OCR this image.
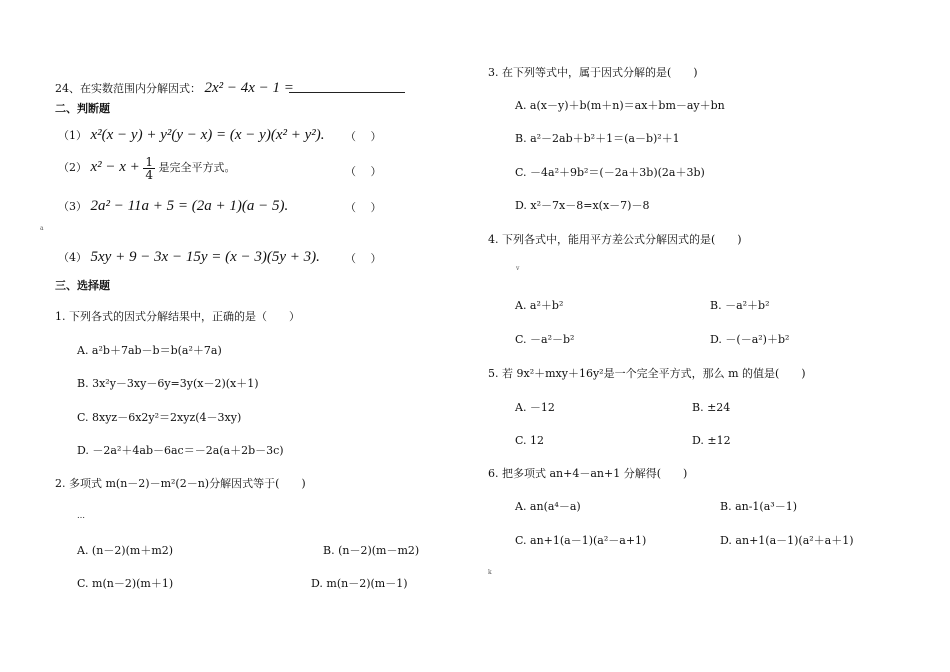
24、在实数范围内分解因式： 2x² − 4x − 1 =
二、判断题
（1） x²(x − y) + y²(y − x) = (x − y)(x² + y²). （　 ）
（2） $x^2 - x + \frac{1}{4}$ 是完全平方式。	（　 ）
（3） 2a² − 11a + 5 = (2a + 1)(a − 5).	（　 ）
a
（4） 5xy + 9 − 3x − 15y = (x − 3)(5y + 3). （　 ）
三、选择题
1. 下列各式的因式分解结果中，正确的是（　　）
A. a²b＋7ab－b＝b(a²＋7a)
B. 3x²y－3xy－6y=3y(x－2)(x＋1)
C. 8xyz－6x2y²＝2xyz(4－3xy)
D. －2a²＋4ab－6ac＝－2a(a＋2b－3c)
2. 多项式 m(n－2)－m²(2－n)分解因式等于(　　)
…
A. (n－2)(m＋m2)	B. (n－2)(m－m2)
C. m(n－2)(m＋1)	D. m(n－2)(m－1)
3. 在下列等式中，属于因式分解的是(　　)
A. a(x－y)＋b(m＋n)＝ax＋bm－ay＋bn
B. a²－2ab＋b²＋1＝(a－b)²＋1
C. －4a²＋9b²＝(－2a＋3b)(2a＋3b)
D. x²－7x－8=x(x－7)－8
4. 下列各式中，能用平方差公式分解因式的是(　　)
v
A. a²＋b²	B. －a²＋b²
C. －a²－b²	D. －(－a²)＋b²
5. 若 9x²＋mxy＋16y²是一个完全平方式，那么 m 的值是(　　)
A. －12	B. ±24
C. 12	D. ±12
6. 把多项式 an+4－an+1 分解得(　　)
A. an(a⁴－a)	B. an-1(a³－1)
C. an+1(a－1)(a²－a+1)	D. an+1(a－1)(a²＋a＋1)
k
